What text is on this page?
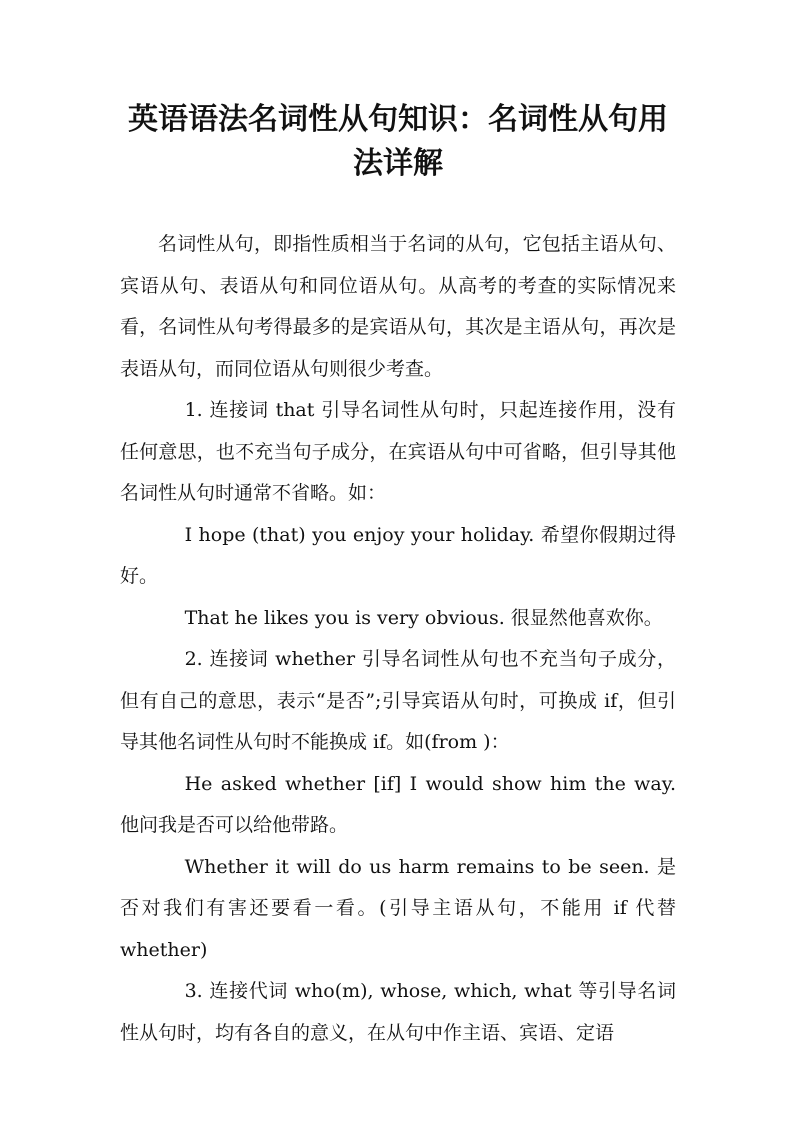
英语语法名词性从句知识：名词性从句用法详解

名词性从句，即指性质相当于名词的从句，它包括主语从句、宾语从句、表语从句和同位语从句。从高考的考查的实际情况来看，名词性从句考得最多的是宾语从句，其次是主语从句，再次是表语从句，而同位语从句则很少考查。

1. 连接词 that 引导名词性从句时，只起连接作用，没有任何意思，也不充当句子成分，在宾语从句中可省略，但引导其他名词性从句时通常不省略。如：

I hope (that) you enjoy your holiday. 希望你假期过得好。

That he likes you is very obvious. 很显然他喜欢你。

2. 连接词 whether 引导名词性从句也不充当句子成分，但有自己的意思，表示“是否”;引导宾语从句时，可换成 if，但引导其他名词性从句时不能换成 if。如(from )：

He asked whether [if] I would show him the way. 他问我是否可以给他带路。

Whether it will do us harm remains to be seen. 是否对我们有害还要看一看。(引导主语从句，不能用 if 代替 whether)

3. 连接代词 who(m), whose, which, what 等引导名词性从句时，均有各自的意义，在从句中作主语、宾语、定语
